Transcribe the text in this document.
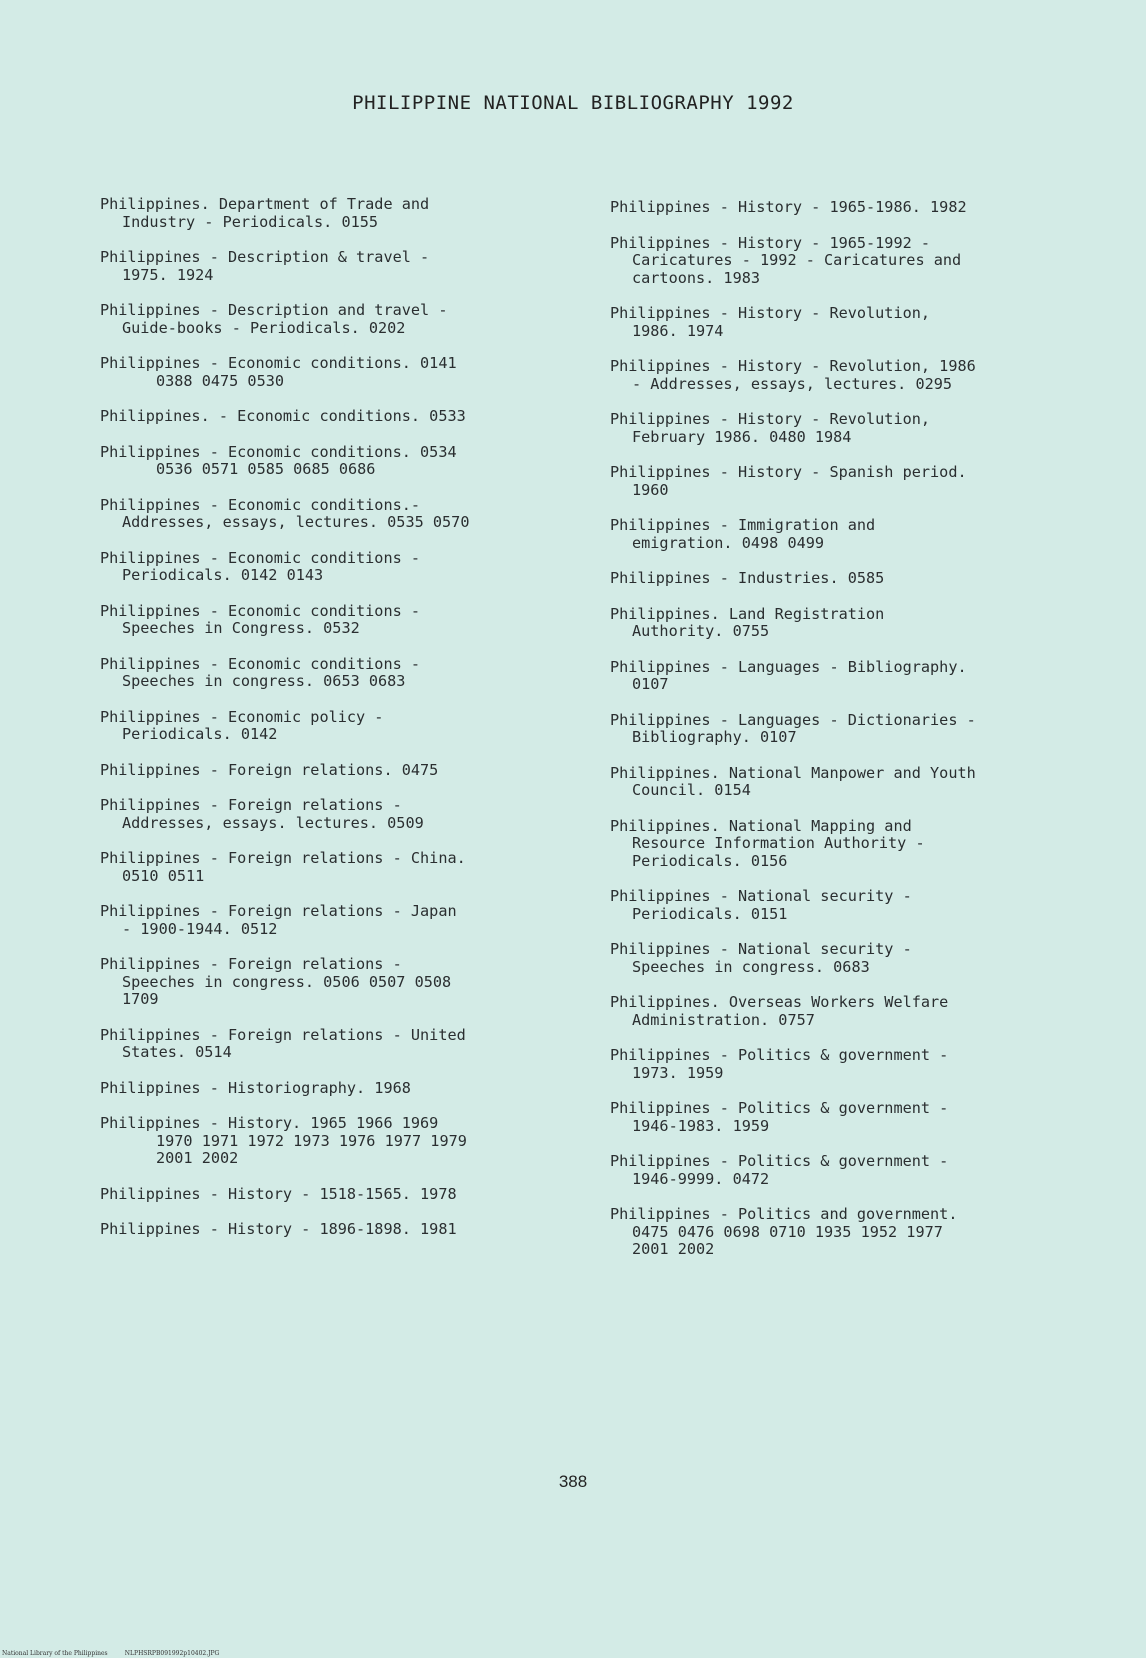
PHILIPPINE NATIONAL BIBLIOGRAPHY 1992
Philippines. Department of Trade and
Industry - Periodicals. 0155
Philippines - Description & travel -
1975. 1924
Philippines - Description and travel -
Guide-books - Periodicals. 0202
Philippines - Economic conditions. 0141
0388 0475 0530
Philippines. - Economic conditions. 0533
Philippines - Economic conditions. 0534
0536 0571 0585 0685 0686
Philippines - Economic conditions.-
Addresses, essays, lectures. 0535 0570
Philippines - Economic conditions -
Periodicals. 0142 0143
Philippines - Economic conditions -
Speeches in Congress. 0532
Philippines - Economic conditions -
Speeches in congress. 0653 0683
Philippines - Economic policy -
Periodicals. 0142
Philippines - Foreign relations. 0475
Philippines - Foreign relations -
Addresses, essays. lectures. 0509
Philippines - Foreign relations - China.
0510 0511
Philippines - Foreign relations - Japan
- 1900-1944. 0512
Philippines - Foreign relations -
Speeches in congress. 0506 0507 0508
1709
Philippines - Foreign relations - United
States. 0514
Philippines - Historiography. 1968
Philippines - History. 1965 1966 1969
1970 1971 1972 1973 1976 1977 1979
2001 2002
Philippines - History - 1518-1565. 1978
Philippines - History - 1896-1898. 1981
Philippines - History - 1965-1986. 1982
Philippines - History - 1965-1992 -
Caricatures - 1992 - Caricatures and
cartoons. 1983
Philippines - History - Revolution,
1986. 1974
Philippines - History - Revolution, 1986
- Addresses, essays, lectures. 0295
Philippines - History - Revolution,
February 1986. 0480 1984
Philippines - History - Spanish period.
1960
Philippines - Immigration and
emigration. 0498 0499
Philippines - Industries. 0585
Philippines. Land Registration
Authority. 0755
Philippines - Languages - Bibliography.
0107
Philippines - Languages - Dictionaries -
Bibliography. 0107
Philippines. National Manpower and Youth
Council. 0154
Philippines. National Mapping and
Resource Information Authority -
Periodicals. 0156
Philippines - National security -
Periodicals. 0151
Philippines - National security -
Speeches in congress. 0683
Philippines. Overseas Workers Welfare
Administration. 0757
Philippines - Politics & government -
1973. 1959
Philippines - Politics & government -
1946-1983. 1959
Philippines - Politics & government -
1946-9999. 0472
Philippines - Politics and government.
0475 0476 0698 0710 1935 1952 1977
2001 2002
388
National Library of the Philippines	NLPHSRPB091992p10402.JPG
